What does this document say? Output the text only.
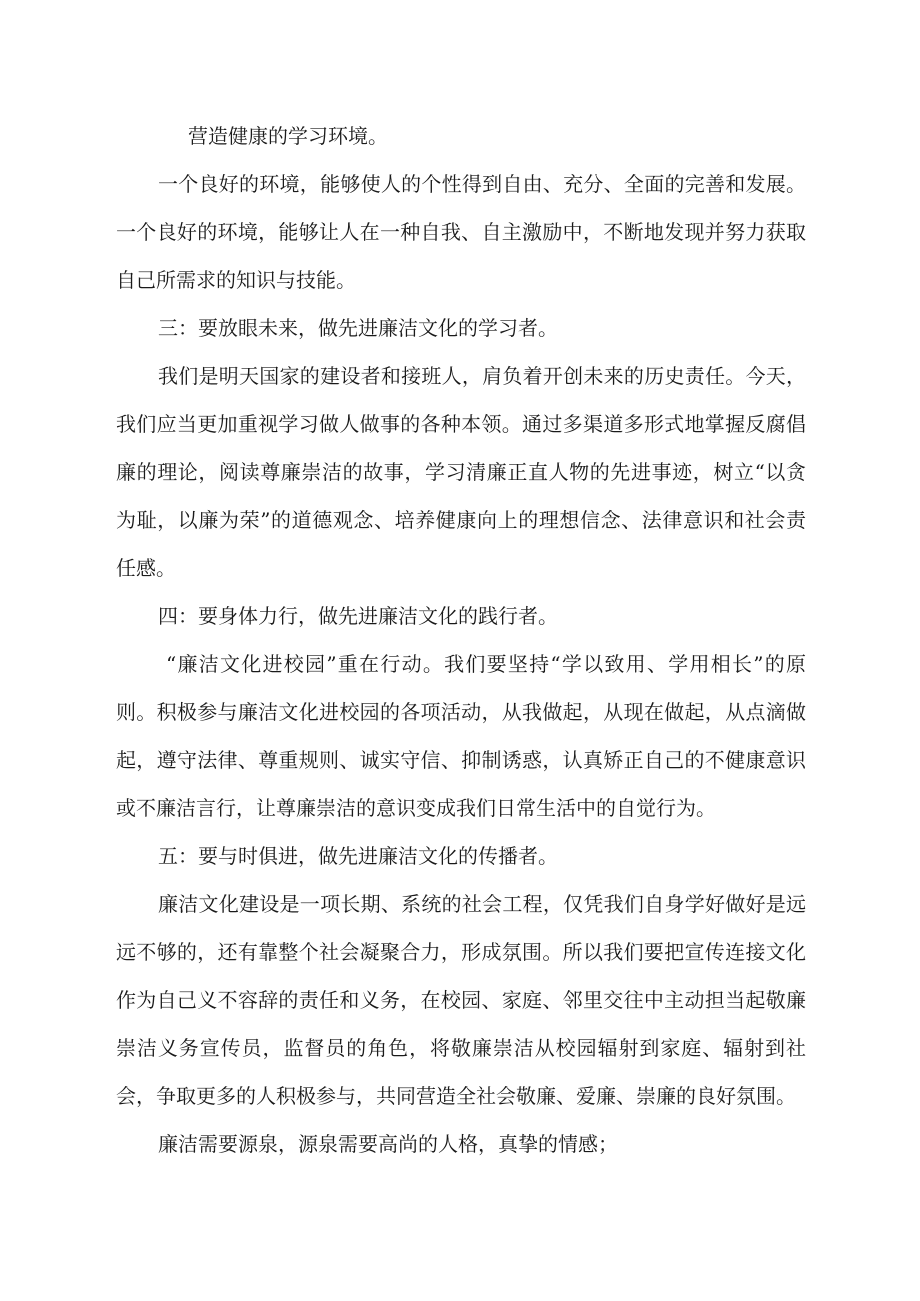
营造健康的学习环境。

一个良好的环境，能够使人的个性得到自由、充分、全面的完善和发展。一个良好的环境，能够让人在一种自我、自主激励中，不断地发现并努力获取自己所需求的知识与技能。

三：要放眼未来，做先进廉洁文化的学习者。

我们是明天国家的建设者和接班人，肩负着开创未来的历史责任。今天，我们应当更加重视学习做人做事的各种本领。通过多渠道多形式地掌握反腐倡廉的理论，阅读尊廉崇洁的故事，学习清廉正直人物的先进事迹，树立“以贪为耻，以廉为荣”的道德观念、培养健康向上的理想信念、法律意识和社会责任感。

四：要身体力行，做先进廉洁文化的践行者。

“廉洁文化进校园”重在行动。我们要坚持“学以致用、学用相长”的原则。积极参与廉洁文化进校园的各项活动，从我做起，从现在做起，从点滴做起，遵守法律、尊重规则、诚实守信、抑制诱惑，认真矫正自己的不健康意识或不廉洁言行，让尊廉崇洁的意识变成我们日常生活中的自觉行为。

五：要与时俱进，做先进廉洁文化的传播者。

廉洁文化建设是一项长期、系统的社会工程，仅凭我们自身学好做好是远远不够的，还有靠整个社会凝聚合力，形成氛围。所以我们要把宣传连接文化作为自己义不容辞的责任和义务，在校园、家庭、邻里交往中主动担当起敬廉崇洁义务宣传员，监督员的角色，将敬廉崇洁从校园辐射到家庭、辐射到社会，争取更多的人积极参与，共同营造全社会敬廉、爱廉、崇廉的良好氛围。

廉洁需要源泉，源泉需要高尚的人格，真挚的情感；
